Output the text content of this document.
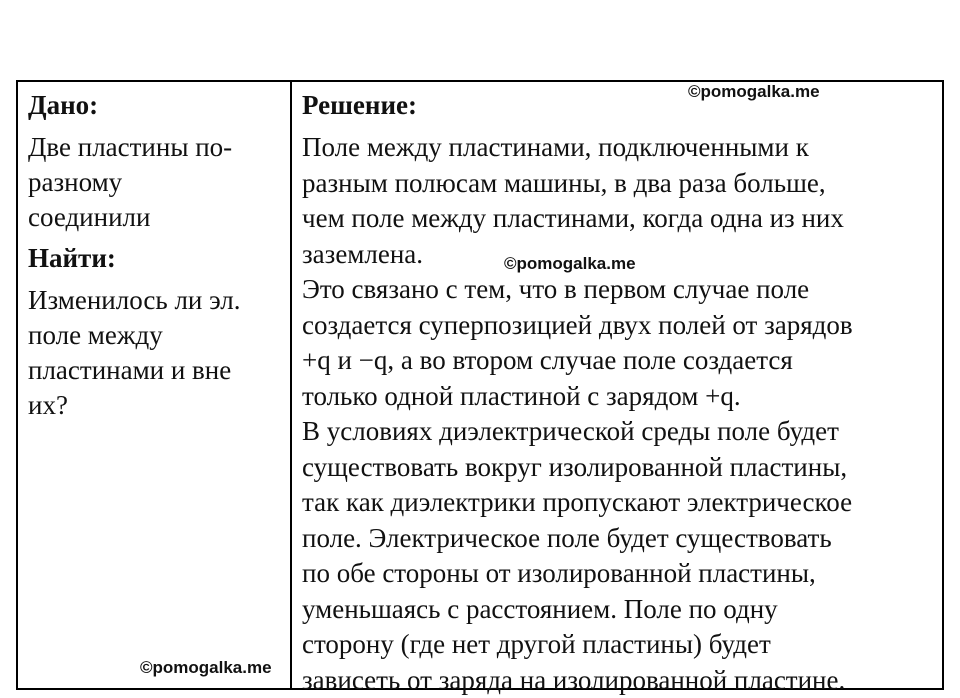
Дано:

Две пластины по-
разному
соединили

Найти:

Изменилось ли эл.
поле между
пластинами и вне
их?

Решение:

Поле между пластинами, подключенными к
разным полюсам машины, в два раза больше,
чем поле между пластинами, когда одна из них
заземлена.

Это связано с тем, что в первом случае поле
создается суперпозицией двух полей от зарядов
+q и −q, а во втором случае поле создается
только одной пластиной с зарядом +q.

В условиях диэлектрической среды поле будет
существовать вокруг изолированной пластины,
так как диэлектрики пропускают электрическое
поле. Электрическое поле будет существовать
по обе стороны от изолированной пластины,
уменьшаясь с расстоянием. Поле по одну
сторону (где нет другой пластины) будет
зависеть от заряда на изолированной пластине.

©pomogalka.me
©pomogalka.me
©pomogalka.me
